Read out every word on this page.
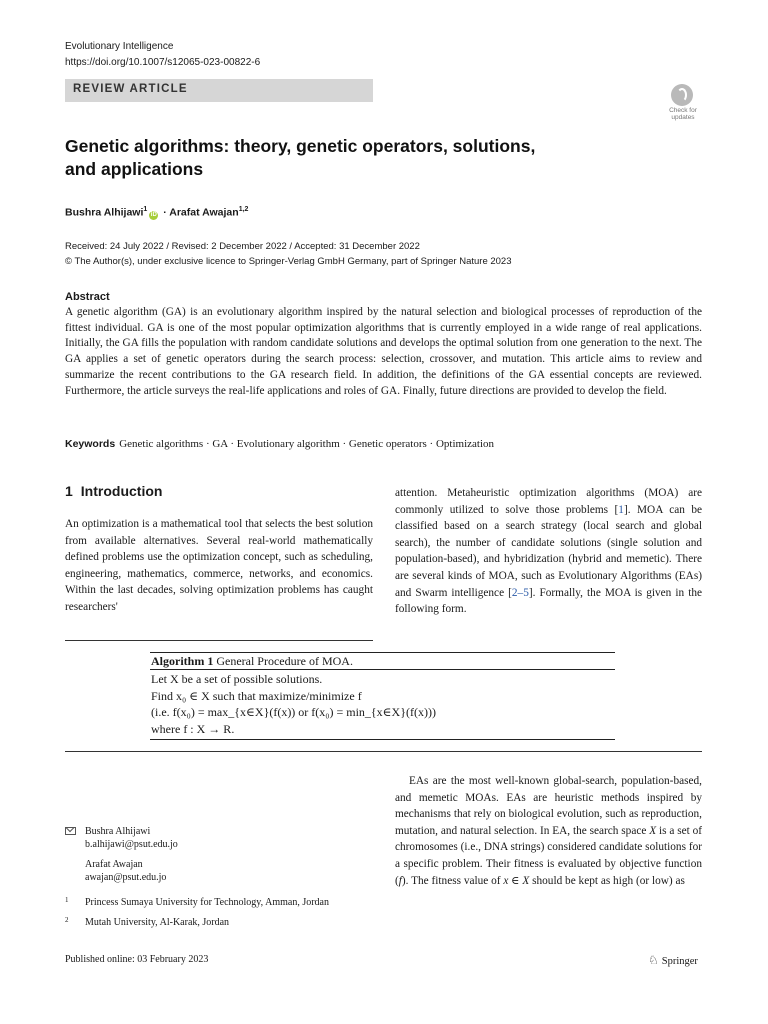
Evolutionary Intelligence
https://doi.org/10.1007/s12065-023-00822-6
REVIEW ARTICLE
Check for
updates
Genetic algorithms: theory, genetic operators, solutions,
and applications
Bushra Alhijawi$^1$iD · Arafat Awajan$^{1,2}$
Received: 24 July 2022 / Revised: 2 December 2022 / Accepted: 31 December 2022
© The Author(s), under exclusive licence to Springer-Verlag GmbH Germany, part of Springer Nature 2023
Abstract
A genetic algorithm (GA) is an evolutionary algorithm inspired by the natural selection and biological processes of reproduction of the fittest individual. GA is one of the most popular optimization algorithms that is currently employed in a wide range of real applications. Initially, the GA fills the population with random candidate solutions and develops the optimal solution from one generation to the next. The GA applies a set of genetic operators during the search process: selection, crossover, and mutation. This article aims to review and summarize the recent contributions to the GA research field. In addition, the definitions of the GA essential concepts are reviewed. Furthermore, the article surveys the real-life applications and roles of GA. Finally, future directions are provided to develop the field.
Keywords Genetic algorithms · GA · Evolutionary algorithm · Genetic operators · Optimization
1 Introduction
An optimization is a mathematical tool that selects the best solution from available alternatives. Several real-world mathematically defined problems use the optimization concept, such as scheduling, engineering, mathematics, commerce, networks, and economics. Within the last decades, solving optimization problems has caught researchers'
attention. Metaheuristic optimization algorithms (MOA) are commonly utilized to solve those problems [1]. MOA can be classified based on a search strategy (local search and global search), the number of candidate solutions (single solution and population-based), and hybridization (hybrid and memetic). There are several kinds of MOA, such as Evolutionary Algorithms (EAs) and Swarm intelligence [2–5]. Formally, the MOA is given in the following form.
Algorithm 1 General Procedure of MOA.
Let X be a set of possible solutions.
Find x₀ ∈ X such that maximize/minimize f
(i.e. f(x₀) = max_{x∈X}(f(x)) or f(x₀) = min_{x∈X}(f(x)))
where f : X → R.
EAs are the most well-known global-search, population-based, and memetic MOAs. EAs are heuristic methods inspired by mechanisms that rely on biological evolution, such as reproduction, mutation, and natural selection. In EA, the search space X is a set of chromosomes (i.e., DNA strings) considered candidate solutions for a specific problem. Their fitness is evaluated by objective function (f). The fitness value of x ∈ X should be kept as high (or low) as
Bushra Alhijawi
b.alhijawi@psut.edu.jo
Arafat Awajan
awajan@psut.edu.jo
1 Princess Sumaya University for Technology, Amman, Jordan
2 Mutah University, Al-Karak, Jordan
Published online: 03 February 2023	♘ Springer
